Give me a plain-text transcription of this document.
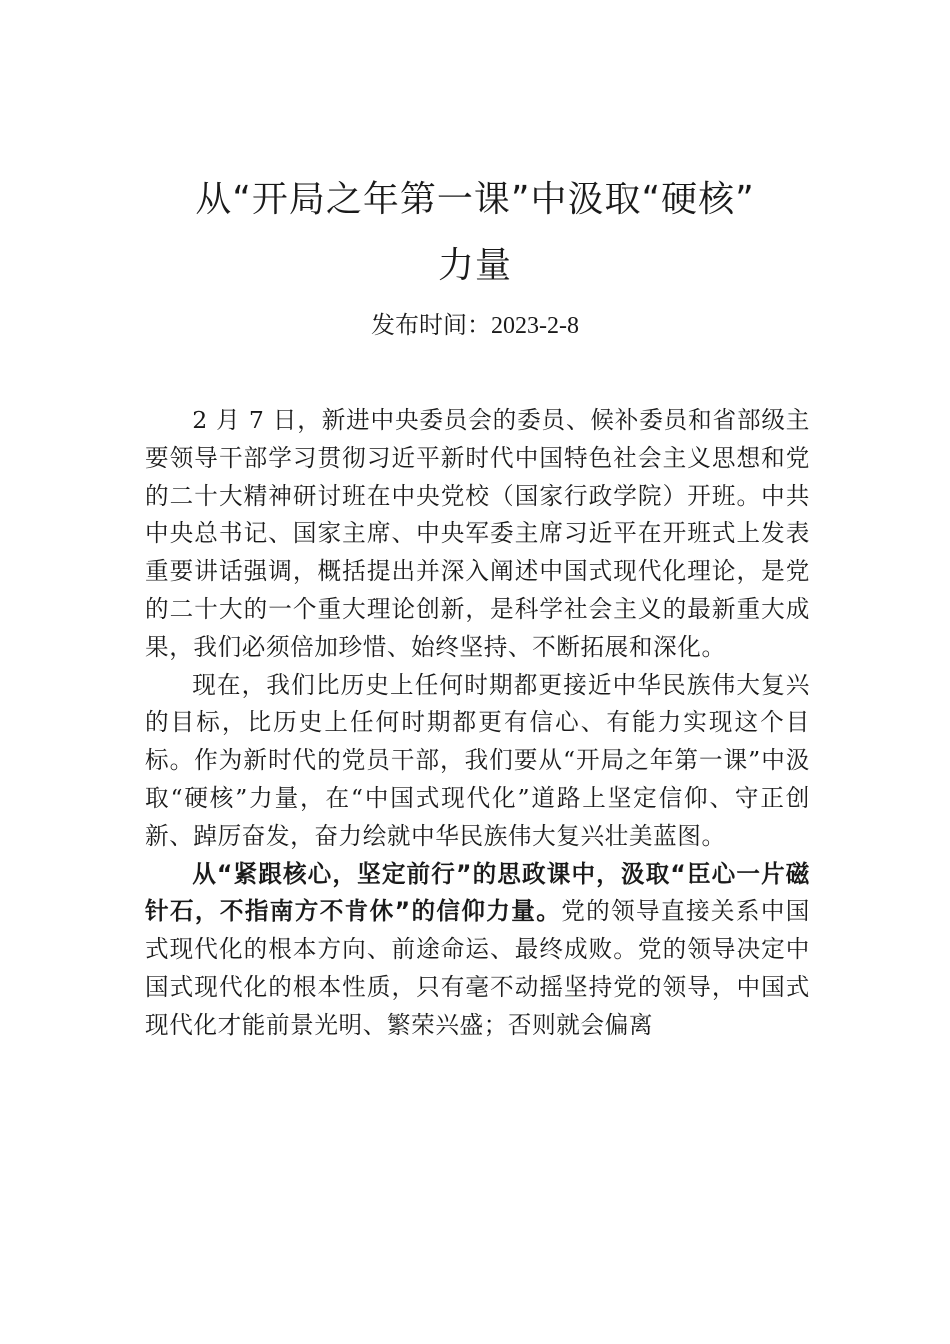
从“开局之年第一课”中汲取“硬核”
力量
发布时间：2023-2-8

2 月 7 日，新进中央委员会的委员、候补委员和省部级主要领导干部学习贯彻习近平新时代中国特色社会主义思想和党的二十大精神研讨班在中央党校（国家行政学院）开班。中共中央总书记、国家主席、中央军委主席习近平在开班式上发表重要讲话强调，概括提出并深入阐述中国式现代化理论，是党的二十大的一个重大理论创新，是科学社会主义的最新重大成果，我们必须倍加珍惜、始终坚持、不断拓展和深化。

现在，我们比历史上任何时期都更接近中华民族伟大复兴的目标，比历史上任何时期都更有信心、有能力实现这个目标。作为新时代的党员干部，我们要从“开局之年第一课”中汲取“硬核”力量，在“中国式现代化”道路上坚定信仰、守正创新、踔厉奋发，奋力绘就中华民族伟大复兴壮美蓝图。

从“紧跟核心，坚定前行”的思政课中，汲取“臣心一片磁针石，不指南方不肯休”的信仰力量。党的领导直接关系中国式现代化的根本方向、前途命运、最终成败。党的领导决定中国式现代化的根本性质，只有毫不动摇坚持党的领导，中国式现代化才能前景光明、繁荣兴盛；否则就会偏离
